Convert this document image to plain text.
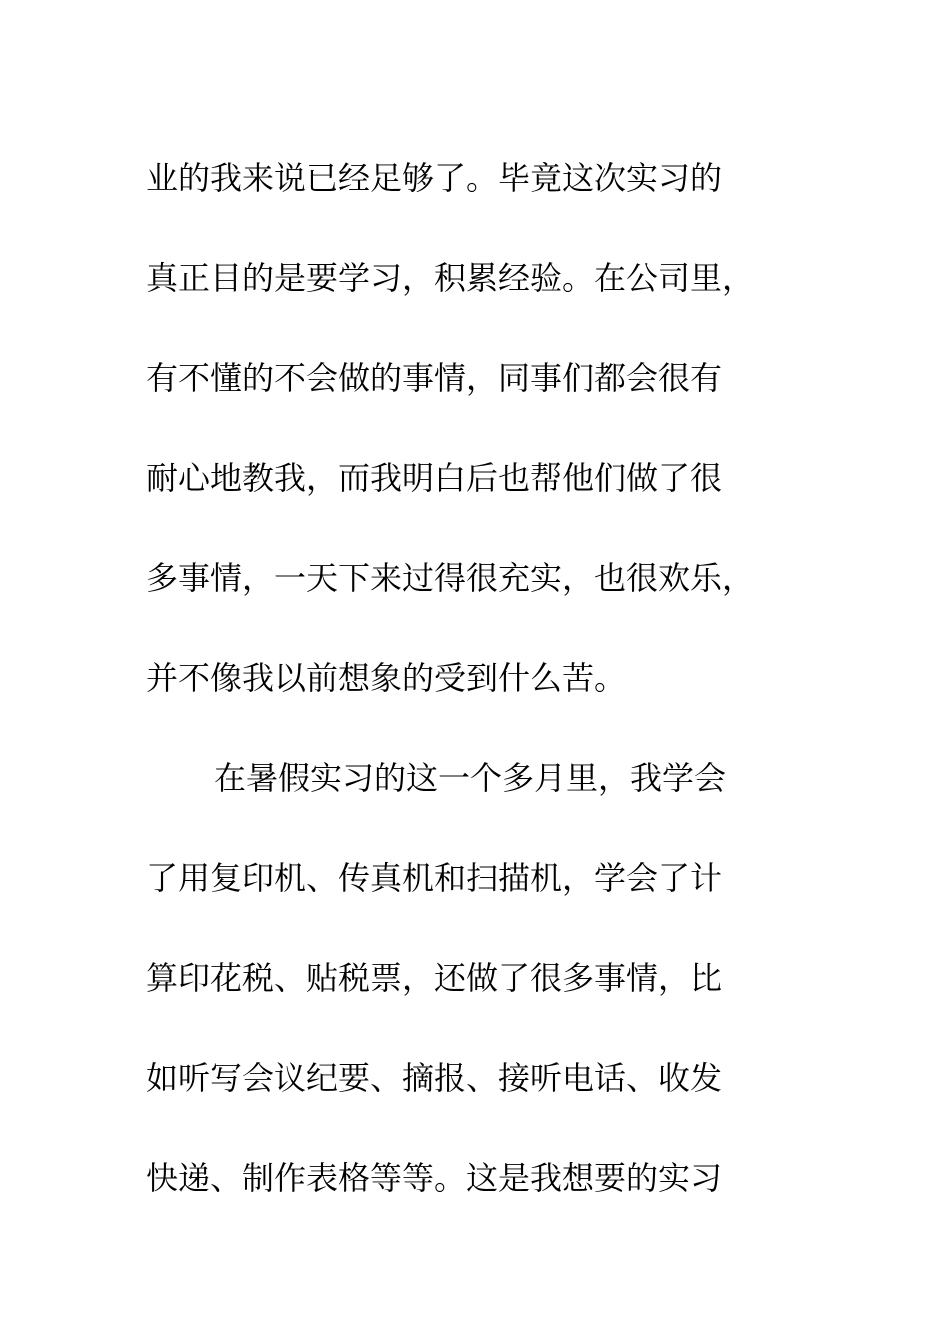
业的我来说已经足够了。毕竟这次实习的
真正目的是要学习，积累经验。在公司里，
有不懂的不会做的事情，同事们都会很有
耐心地教我，而我明白后也帮他们做了很
多事情，一天下来过得很充实，也很欢乐，
并不像我以前想象的受到什么苦。
在暑假实习的这一个多月里，我学会
了用复印机、传真机和扫描机，学会了计
算印花税、贴税票，还做了很多事情，比
如听写会议纪要、摘报、接听电话、收发
快递、制作表格等等。这是我想要的实习
